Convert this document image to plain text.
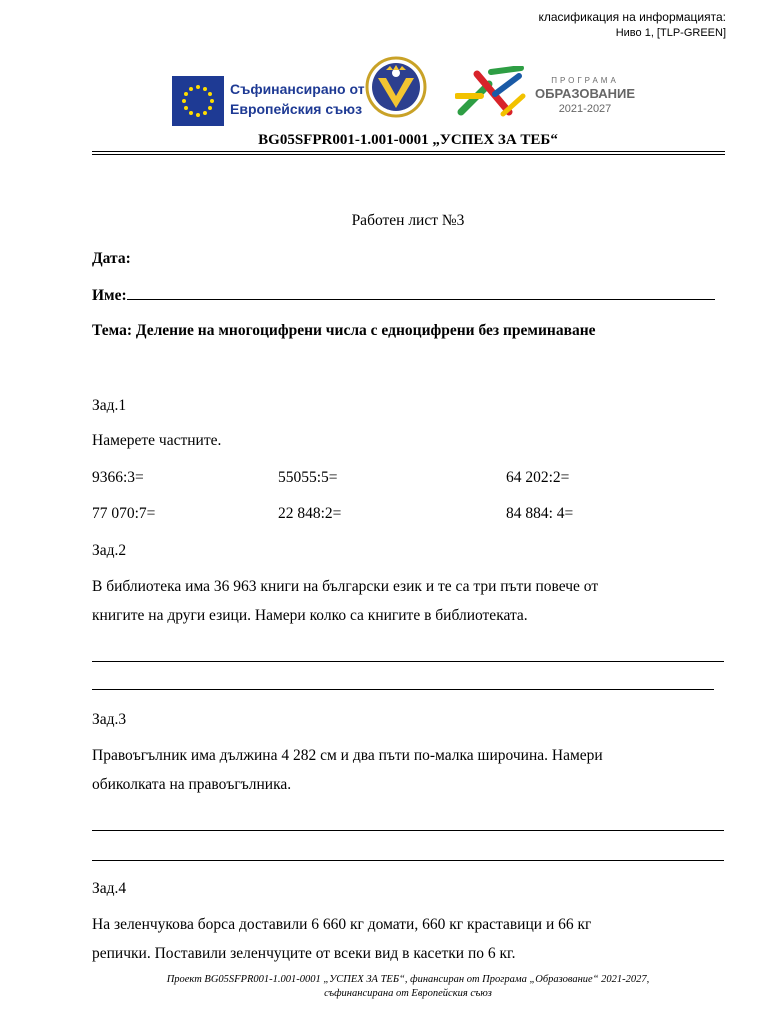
класификация на информацията:
Ниво 1, [TLP-GREEN]
Съфинансирано от
Европейския съюз
ПРОГРАМА
ОБРАЗОВАНИЕ
2021-2027
BG05SFPR001-1.001-0001 „УСПЕХ ЗА ТЕБ“
Работен лист №3
Дата:
Име:
Тема: Деление на многоцифрени числа с едноцифрени без преминаване
Зад.1
Намерете частните.
9366:3=	55055:5=	64 202:2=
77 070:7=	22 848:2=	84 884: 4=
Зад.2
В библиотека има 36 963 книги на български език и те са три пъти повече от
книгите на други езици. Намери колко са книгите в библиотеката.
Зад.3
Правоъгълник има дължина 4 282 см и два пъти по-малка широчина. Намери
обиколката на правоъгълника.
Зад.4
На зеленчукова борса доставили 6 660 кг домати, 660 кг краставици и 66 кг
репички. Поставили зеленчуците от всеки вид в касетки по 6 кг.
Проект BG05SFPR001-1.001-0001 „УСПЕХ ЗА ТЕБ“, финансиран от Програма „Образование“ 2021-2027,
съфинансирана от Европейския съюз
